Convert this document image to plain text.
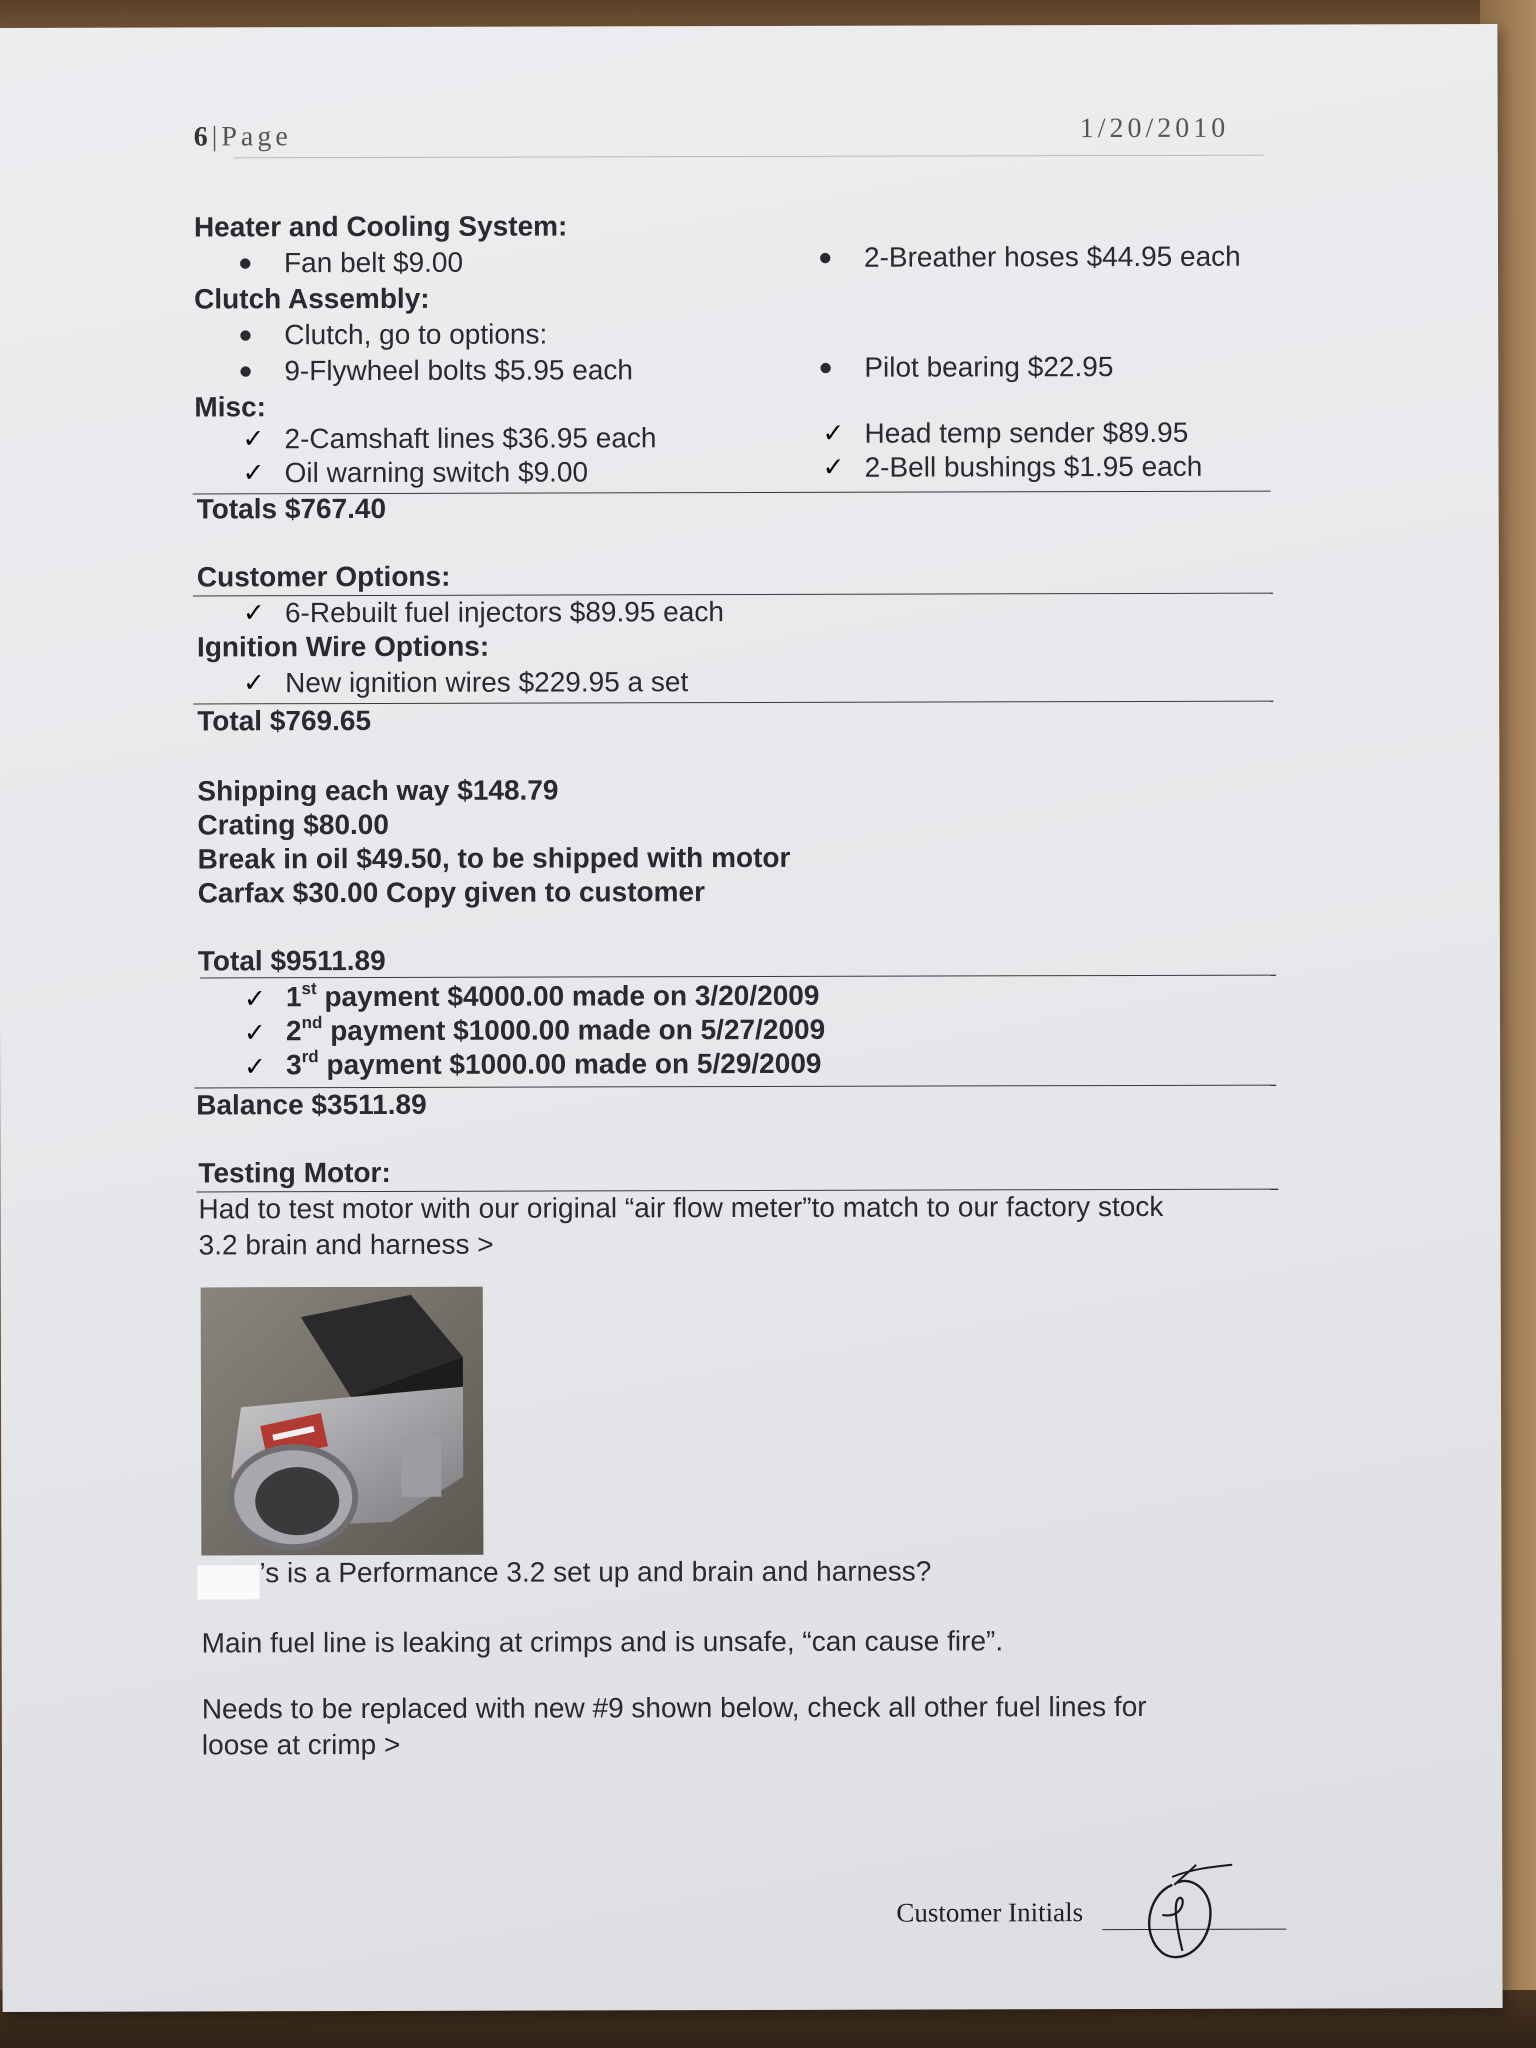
6 | Page	1/20/2010
Heater and Cooling System:
● Fan belt $9.00	● 2-Breather hoses $44.95 each
Clutch Assembly:
● Clutch, go to options:
● 9-Flywheel bolts $5.95 each	● Pilot bearing $22.95
Misc:
✓ 2-Camshaft lines $36.95 each	✓ Head temp sender $89.95
✓ Oil warning switch $9.00	✓ 2-Bell bushings $1.95 each
Totals $767.40
Customer Options:
✓ 6-Rebuilt fuel injectors $89.95 each
Ignition Wire Options:
✓ New ignition wires $229.95 a set
Total $769.65
Shipping each way $148.79
Crating $80.00
Break in oil $49.50, to be shipped with motor
Carfax $30.00 Copy given to customer
Total $9511.89
✓ 1st payment $4000.00 made on 3/20/2009
✓ 2nd payment $1000.00 made on 5/27/2009
✓ 3rd payment $1000.00 made on 5/29/2009
Balance $3511.89
Testing Motor:
Had to test motor with our original “air flow meter”to match to our factory stock
3.2 brain and harness >
’s is a Performance 3.2 set up and brain and harness?
Main fuel line is leaking at crimps and is unsafe, “can cause fire”.
Needs to be replaced with new #9 shown below, check all other fuel lines for
loose at crimp >
Customer Initials
